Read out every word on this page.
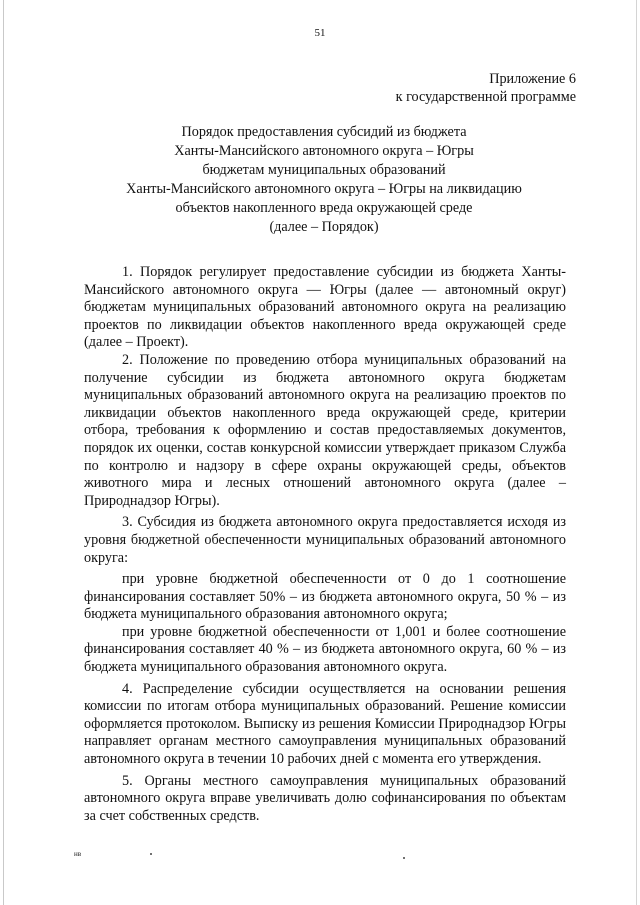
51
Приложение 6
к государственной программе
Порядок предоставления субсидий из бюджета
Ханты-Мансийского автономного округа – Югры
бюджетам муниципальных образований
Ханты-Мансийского автономного округа – Югры на ликвидацию
объектов накопленного вреда окружающей среде
(далее – Порядок)

1. Порядок регулирует предоставление субсидии из бюджета Ханты-Мансийского автономного округа — Югры (далее — автономный округ) бюджетам муниципальных образований автономного округа на реализацию проектов по ликвидации объектов накопленного вреда окружающей среде (далее – Проект).

2. Положение по проведению отбора муниципальных образований на получение субсидии из бюджета автономного округа бюджетам муниципальных образований автономного округа на реализацию проектов по ликвидации объектов накопленного вреда окружающей среде, критерии отбора, требования к оформлению и состав предоставляемых документов, порядок их оценки, состав конкурсной комиссии утверждает приказом Служба по контролю и надзору в сфере охраны окружающей среды, объектов животного мира и лесных отношений автономного округа (далее – Природнадзор Югры).

3. Субсидия из бюджета автономного округа предоставляется исходя из уровня бюджетной обеспеченности муниципальных образований автономного округа:

при уровне бюджетной обеспеченности от 0 до 1 соотношение финансирования составляет 50% – из бюджета автономного округа, 50 % – из бюджета муниципального образования автономного округа;

при уровне бюджетной обеспеченности от 1,001 и более соотношение финансирования составляет 40 % – из бюджета автономного округа, 60 % – из бюджета муниципального образования автономного округа.

4. Распределение субсидии осуществляется на основании решения комиссии по итогам отбора муниципальных образований. Решение комиссии оформляется протоколом. Выписку из решения Комиссии Природнадзор Югры направляет органам местного самоуправления муниципальных образований автономного округа в течении 10 рабочих дней с момента его утверждения.

5. Органы местного самоуправления муниципальных образований автономного округа вправе увеличивать долю софинансирования по объектам за счет собственных средств.

нв
